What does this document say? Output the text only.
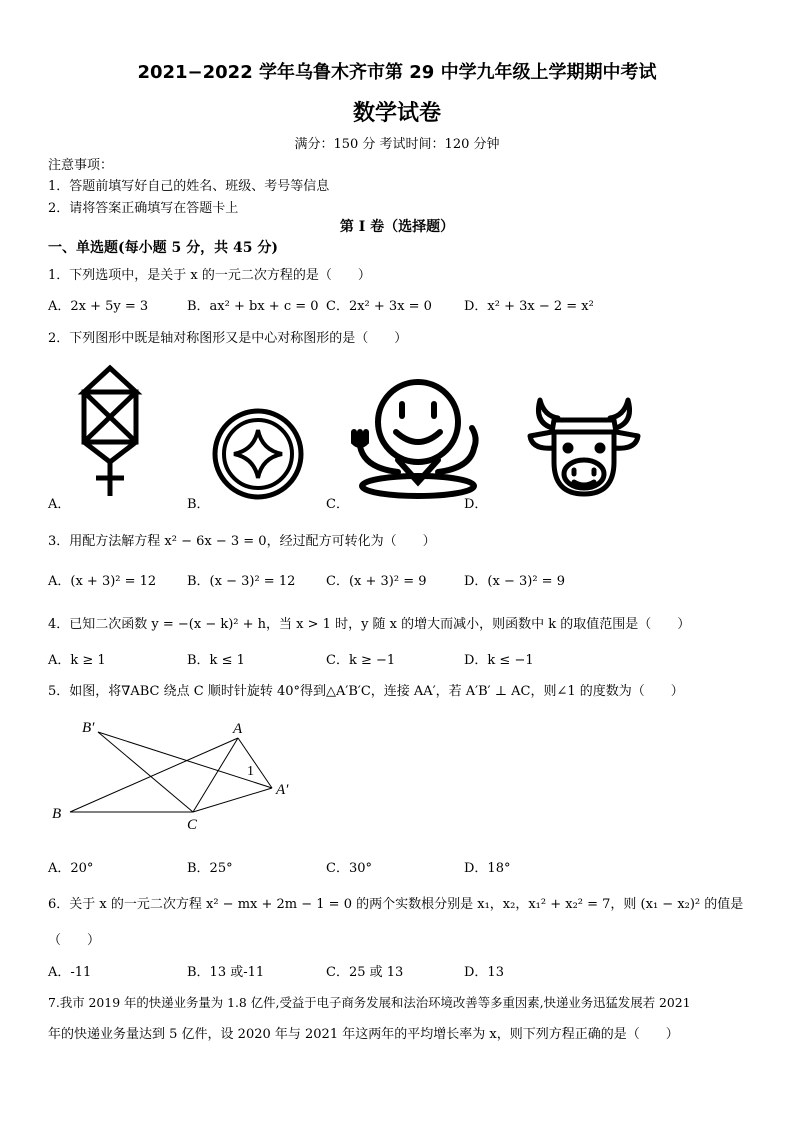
2021−2022 学年乌鲁木齐市第 29 中学九年级上学期期中考试
数学试卷
满分：150 分 考试时间：120 分钟
注意事项：
1．答题前填写好自己的姓名、班级、考号等信息
2．请将答案正确填写在答题卡上
第 I 卷（选择题）
一、单选题(每小题 5 分，共 45 分)
1．下列选项中，是关于 x 的一元二次方程的是（　　）
A．2x + 5y = 3	B．ax² + bx + c = 0 C．2x² + 3x = 0 D．x² + 3x − 2 = x²
2．下列图形中既是轴对称图形又是中心对称图形的是（　　）
A．	B．	C．	D．
3．用配方法解方程 x² − 6x − 3 = 0，经过配方可转化为（　　）
A．(x + 3)² = 12 B．(x − 3)² = 12 C．(x + 3)² = 9	D．(x − 3)² = 9
4．已知二次函数 y = −(x − k)² + h，当 x > 1 时，y 随 x 的增大而减小，则函数中 k 的取值范围是（　　）
A．k ≥ 1	B．k ≤ 1	C．k ≥ −1	D．k ≤ −1
5．如图，将∇ABC 绕点 C 顺时针旋转 40°得到△A′B′C，连接 AA′，若 A′B′ ⊥ AC，则∠1 的度数为（　　）
B′	A
1
A′
B
C
A．20°	B．25°	C．30°	D．18°
6．关于 x 的一元二次方程 x² − mx + 2m − 1 = 0 的两个实数根分别是 x₁，x₂，x₁² + x₂² = 7，则 (x₁ − x₂)² 的值是
（　　）
A．-11	B．13 或-11	C．25 或 13	D．13
7.我市 2019 年的快递业务量为 1.8 亿件,受益于电子商务发展和法治环境改善等多重因素,快递业务迅猛发展若 2021
年的快递业务量达到 5 亿件，设 2020 年与 2021 年这两年的平均增长率为 x，则下列方程正确的是（　　）
